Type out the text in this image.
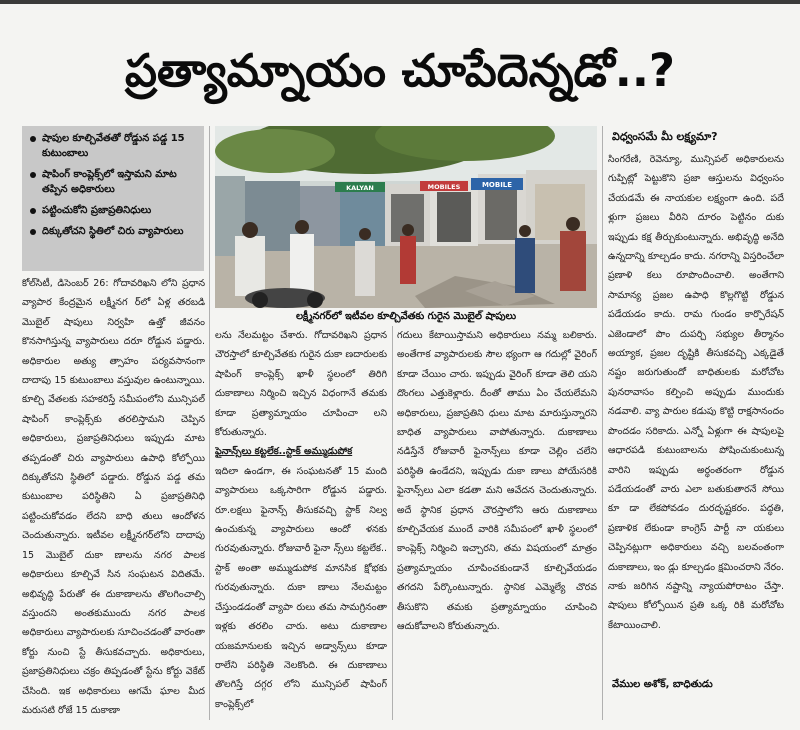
ప్రత్యామ్నాయం చూపేదెన్నడో..?
షాపుల కూల్చివేతతో రోడ్డున పడ్డ 15 కుటుంబాలు
షాపింగ్‌ కాంప్లెక్స్‌లో ఇస్తామని మాట తప్పిన అధికారులు
పట్టించుకోని ప్రజాప్రతినిధులు
దిక్కుతోచని స్థితిలో చిరు వ్యాపారులు
MOBILE
MOBILES
KALYAN
లక్ష్మీనగర్‌లో ఇటీవల కూల్చివేతకు గురైన మొబైల్‌ షాపులు

కోల్‌సిటీ, డిసెంబర్‌ 26: గోదావరిఖని లోని ప్రధాన వ్యాపార కేంద్రమైన లక్ష్మీనగ ర్‌లో ఏళ్ల తరబడి మొబైల్‌ షాపులు నిర్వహి ఉత్తో జీవనం కొనసాగిస్తున్న వ్యాపారులు దరూ రోడ్డున పడ్డారు. అధికారుల అత్యు త్సాహం పర్యవసానంగా దాదాపు 15 కుటుంబాలు వస్తువుల ఉంటున్నాయి. కూల్చి వేతలకు సహకరిస్తే సమీపంలోని మున్సిపల్‌ షాపింగ్‌ కాంప్లెక్స్‌కు తరలిస్తామని చెప్పిన అధికారులు, ప్రజాప్రతినిధులు ఇప్పుడు మాట తప్పడంతో చిరు వ్యాపారులు ఉపాధి కోల్పోయి దిక్కుతోచని స్థితిలో పడ్డారు. రోడ్డున పడ్డ తమ కుటుంబాల పరిస్థితిని ఏ ప్రజాప్రతినిధి పట్టించుకోవడం లేదని బాధి తులు ఆందోళన చెందుతున్నారు. ఇటీవల లక్ష్మీనగర్‌లోని దాదాపు 15 మొబైల్‌ దుకా ణాలను నగర పాలక అధికారులు కూల్చివే సిన సంఘటన విదితమే. అభివృద్ధి పేరుతో ఈ దుకాణాలను తొలగించాల్సి వస్తుందని అంతకుముందు నగర పాలక అధికారులు వ్యాపారులకు సూచించడంతో వారంతా కోర్టు నుంచి స్టే తీసుకవచ్చారు. అధికారులు, ప్రజాప్రతినిధులు చక్రం తిప్పడంతో స్టేను కోర్టు వెకేట్‌ చేసింది. ఇక అధికారులు ఆగమే ఘాల మీద మరుసటి రోజే 15 దుకాణా

లను నేలమట్టం చేశారు. గోదావరిఖని ప్రధాన చౌరస్తాలో కూల్చివేతకు గురైన దుకా ణదారులకు షాపింగ్‌ కాంప్లెక్స్‌ ఖాళీ స్థలంలో తిరిగి దుకాణాలు నిర్మించి ఇచ్చిన విధంగానే తమకు కూడా ప్రత్యామ్నాయం చూపించా లని కోరుతున్నారు.

ఫైనాన్స్‌లు కట్టలేక..స్టాక్‌ అమ్ముడుపోక

ఇదిలా ఉండగా, ఈ సంఘటనతో 15 మంది వ్యాపారులు ఒక్కసారిగా రోడ్డున పడ్డారు. రూ.లక్షలు ఫైనాన్స్‌ తీసుకవచ్చి స్టాక్‌ నిల్వ ఉంచుకున్న వ్యాపారులు ఆందో ళనకు గురవుతున్నారు. రోజువారీ ఫైనా న్స్‌లు కట్టలేక.. స్టాక్‌ అంతా అమ్ముడుపోక మానసిక క్షోభకు గురవుతున్నారు. దుకా ణాలు నేలమట్టం చేస్తుండడంతో వ్యాపా రులు తమ సామగ్రినంతా ఇళ్లకు తరలిం చారు. అటు దుకాణాల యజమానులకు ఇచ్చిన అడ్వాన్స్‌లు కూడా రాలేని పరిస్థితి నెలకొంది. ఈ దుకాణాలు తొలగిస్తే దగ్గర లోని మున్సిపల్‌ షాపింగ్‌ కాంప్లెక్స్‌లో

గదులు కేటాయిస్తామని అధికారులు నమ్మ బలికారు. అంతేగాక వ్యాపారులకు సౌల భ్యంగా ఆ గదుల్లో వైరింగ్‌ కూడా చేయిం చారు. ఇప్పుడు వైరింగ్‌ కూడా తెలి యని దొంగలు ఎత్తుకెళ్లారు. దీంతో తాము ఏం చేయలేమని అధికారులు, ప్రజాప్రతిని ధులు మాట మారుస్తున్నారని బాధిత వ్యాపారులు వాపోతున్నారు. దుకాణాలు నడిస్తేనే రోజువారీ ఫైనాన్స్‌లు కూడా చెల్లిం చలేని పరిస్థితి ఉండేదని, ఇప్పుడు దుకా ణాలు పోయేసరికి ఫైనాన్స్‌లు ఎలా కడతా మని ఆవేదన చెందుతున్నారు. అదే స్థానిక ప్రధాన చౌరస్తాలోని ఆరు దుకాణాలు కూల్చివేయక ముందే వారికి సమీపంలో ఖాళీ స్థలంలో కాంప్లెక్స్‌ నిర్మించి ఇచ్చారని, తమ విషయంలో మాత్రం ప్రత్యామ్నాయం చూపించకుండానే కూల్చివేయడం తగదని పేర్కొంటున్నారు. స్థానిక ఎమ్మెల్యే చొరవ తీసుకొని తమకు ప్రత్యామ్నాయం చూపించి ఆదుకోవాలని కోరుతున్నారు.

విధ్వంసమే మీ లక్ష్యమా?

సింగరేణి, రెవెన్యూ, మున్సిపల్‌ అధికారులను గుప్పిట్లో పెట్టుకొని ప్రజా ఆస్తులను విధ్వంసం చేయడమే ఈ నాయకుల లక్ష్యంగా ఉంది. పదే ళ్లుగా ప్రజలు వీరిని దూరం పెట్టినం దుకు ఇప్పుడు కక్ష తీర్చుకుంటున్నారు. అభివృద్ధి అనేది ఉన్నదాన్ని కూల్చడం కాదు. నగరాన్ని విస్తరించేలా ప్రణాళి కలు రూపొందించాలి. అంతేగాని సామాన్య ప్రజల ఉపాధి కొల్లగొట్టి రోడ్డున పడేయడం కాదు. రామ గుండం కార్పొరేషన్‌ ఎజెండాలో పొం దుపర్చి సభ్యుల తీర్మానం అయ్యాక, ప్రజల దృష్టికి తీసుకవచ్చి ఎక్కడైతే నష్టం జరుగుతుందో బాధితులకు మరోచోట పునరావాసం కల్పించి అప్పుడు ముందుకు నడవాలి. వ్యా పారుల కడుపు కొట్టి రాక్షసానందం పొందడం సరికాదు. ఎన్నో ఏళ్లుగా ఈ షాపులపై ఆధారపడి కుటుంబాలను పోషించుకుంటున్న వారిని ఇప్పుడు అర్ధంతరంగా రోడ్డున పడేయడంతో వారు ఎలా బతుకుతారనే సోయి కూ డా లేకపోవడం దురదృష్టకరం. పద్ధతి, ప్రణాళిక లేకుండా కాంగ్రెస్‌ పార్టీ నా యకులు చెప్పినట్లుగా అధికారులు వచ్చి బలవంతంగా దుకాణాలు, ఇం డ్లు కూల్చడం క్షమించరాని నేరం. నాకు జరిగిన నష్టాన్ని న్యాయపోరాటం చేస్తా. షాపులు కోల్పోయిన ప్రతి ఒక్క రికి మరోచోట కేటాయించాలి.

వేముల అశోక్‌, బాధితుడు
